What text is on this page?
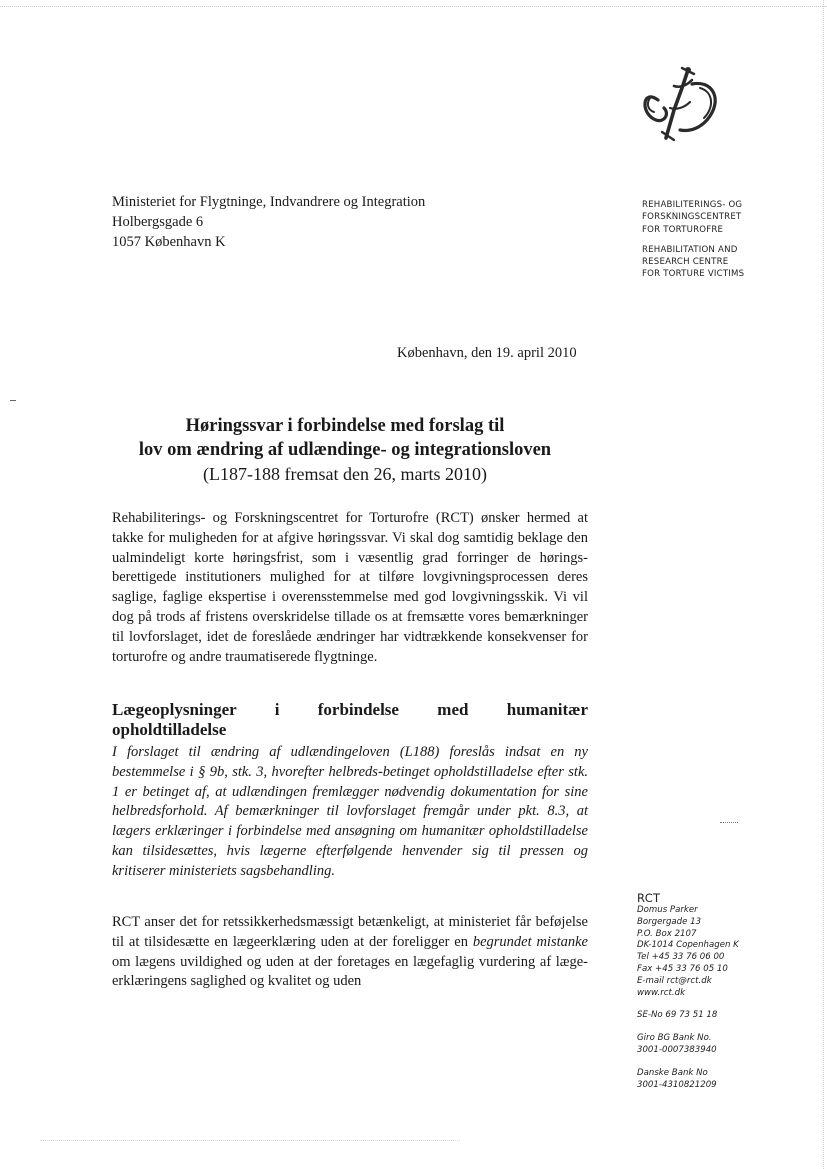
Ministeriet for Flygtninge, Indvandrere og Integration
Holbergsgade 6
1057 København K
REHABILITERINGS- OG
FORSKNINGSCENTRET
FOR TORTUROFRE
REHABILITATION AND
RESEARCH CENTRE
FOR TORTURE VICTIMS
København, den 19. april 2010
Høringssvar i forbindelse med forslag til
lov om ændring af udlændinge- og integrationsloven
(L187-188 fremsat den 26, marts 2010)
Rehabiliterings- og Forskningscentret for Torturofre (RCT) ønsker hermed at takke for muligheden for at afgive høringssvar. Vi skal dog samtidig beklage den ualmindeligt korte høringsfrist, som i væsentlig grad forringer de hørings-berettigede institutioners mulighed for at tilføre lovgivningsprocessen deres saglige, faglige ekspertise i overensstemmelse med god lovgivningsskik. Vi vil dog på trods af fristens overskridelse tillade os at fremsætte vores bemærkninger til lovforslaget, idet de foreslåede ændringer har vidtrækkende konsekvenser for torturofre og andre traumatiserede flygtninge.
Lægeoplysninger i forbindelse med humanitær
opholdtilladelse
I forslaget til ændring af udlændingeloven (L188) foreslås indsat en ny bestemmelse i § 9b, stk. 3, hvorefter helbreds-betinget opholdstilladelse efter stk. 1 er betinget af, at udlændingen fremlægger nødvendig dokumentation for sine helbredsforhold. Af bemærkninger til lovforslaget fremgår under pkt. 8.3, at lægers erklæringer i forbindelse med ansøgning om humanitær opholdstilladelse kan tilsidesættes, hvis lægerne efterfølgende henvender sig til pressen og kritiserer ministeriets sagsbehandling.
RCT anser det for retssikkerhedsmæssigt betænkeligt, at ministeriet får beføjelse til at tilsidesætte en lægeerklæring uden at der foreligger en begrundet mistanke om lægens uvildighed og uden at der foretages en lægefaglig vurdering af læge-erklæringens saglighed og kvalitet og uden
RCT
Domus Parker
Borgergade 13
P.O. Box 2107
DK-1014 Copenhagen K
Tel +45 33 76 06 00
Fax +45 33 76 05 10
E-mail rct@rct.dk
www.rct.dk
SE-No 69 73 51 18
Giro BG Bank No.
3001-0007383940
Danske Bank No
3001-4310821209
